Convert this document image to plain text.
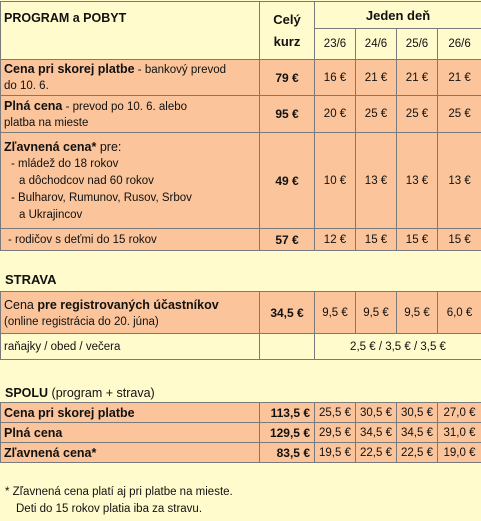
PROGRAM a POBYT	Celý
kurz	Jeden deň			
		23/6	24/6	25/6	26/6

Cena pri skorej platbe - bankový prevod
do 10. 6.	79 €	16 €	21 €	21 €	21 €

Plná cena - prevod po 10. 6. alebo
platba na mieste	95 €	20 €	25 €	25 €	25 €

Zľavnená cena* pre:
- mládež do 18 rokov
a dôchodcov nad 60 rokov
- Bulharov, Rumunov, Rusov, Srbov
a Ukrajincov	49 €	10 €	13 €	13 €	13 €
- rodičov s deťmi do 15 rokov	57 €	12 €	15 €	15 €	15 €
STRAVA
Cena pre registrovaných účastníkov
(online registrácia do 20. júna)	34,5 €	9,5 €	9,5 €	9,5 €	6,0 €
raňajky / obed / večera		2,5 € / 3,5 € / 3,5 €			
SPOLU (program + strava)
Cena pri skorej platbe	113,5 €	25,5 €	30,5 €	30,5 €	27,0 €
Plná cena	129,5 €	29,5 €	34,5 €	34,5 €	31,0 €
Zľavnená cena*	83,5 €	19,5 €	22,5 €	22,5 €	19,0 €
* Zľavnená cena platí aj pri platbe na mieste.
Deti do 15 rokov platia iba za stravu.
